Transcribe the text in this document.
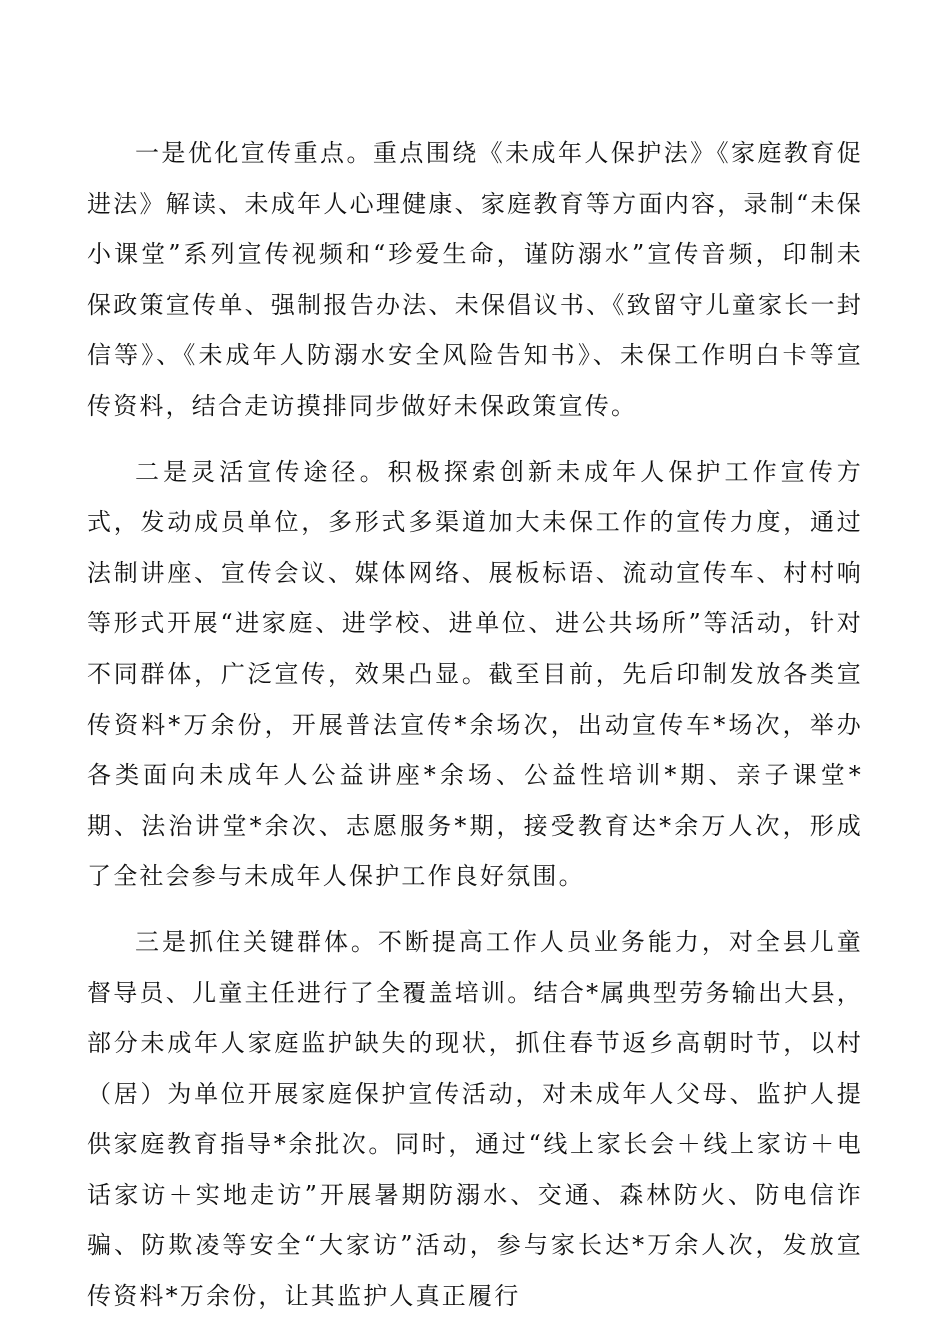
一是优化宣传重点。重点围绕《未成年人保护法》《家庭教育促进法》解读、未成年人心理健康、家庭教育等方面内容，录制“未保小课堂”系列宣传视频和“珍爱生命，谨防溺水”宣传音频，印制未保政策宣传单、强制报告办法、未保倡议书、《致留守儿童家长一封信等》、《未成年人防溺水安全风险告知书》、未保工作明白卡等宣传资料，结合走访摸排同步做好未保政策宣传。

二是灵活宣传途径。积极探索创新未成年人保护工作宣传方式，发动成员单位，多形式多渠道加大未保工作的宣传力度，通过法制讲座、宣传会议、媒体网络、展板标语、流动宣传车、村村响等形式开展“进家庭、进学校、进单位、进公共场所”等活动，针对不同群体，广泛宣传，效果凸显。截至目前，先后印制发放各类宣传资料*万余份，开展普法宣传*余场次，出动宣传车*场次，举办各类面向未成年人公益讲座*余场、公益性培训*期、亲子课堂*期、法治讲堂*余次、志愿服务*期，接受教育达*余万人次，形成了全社会参与未成年人保护工作良好氛围。

三是抓住关键群体。不断提高工作人员业务能力，对全县儿童督导员、儿童主任进行了全覆盖培训。结合*属典型劳务输出大县，部分未成年人家庭监护缺失的现状，抓住春节返乡高朝时节，以村（居）为单位开展家庭保护宣传活动，对未成年人父母、监护人提供家庭教育指导*余批次。同时，通过“线上家长会＋线上家访＋电话家访＋实地走访”开展暑期防溺水、交通、森林防火、防电信诈骗、防欺凌等安全“大家访”活动，参与家长达*万余人次，发放宣传资料*万余份，让其监护人真正履行
